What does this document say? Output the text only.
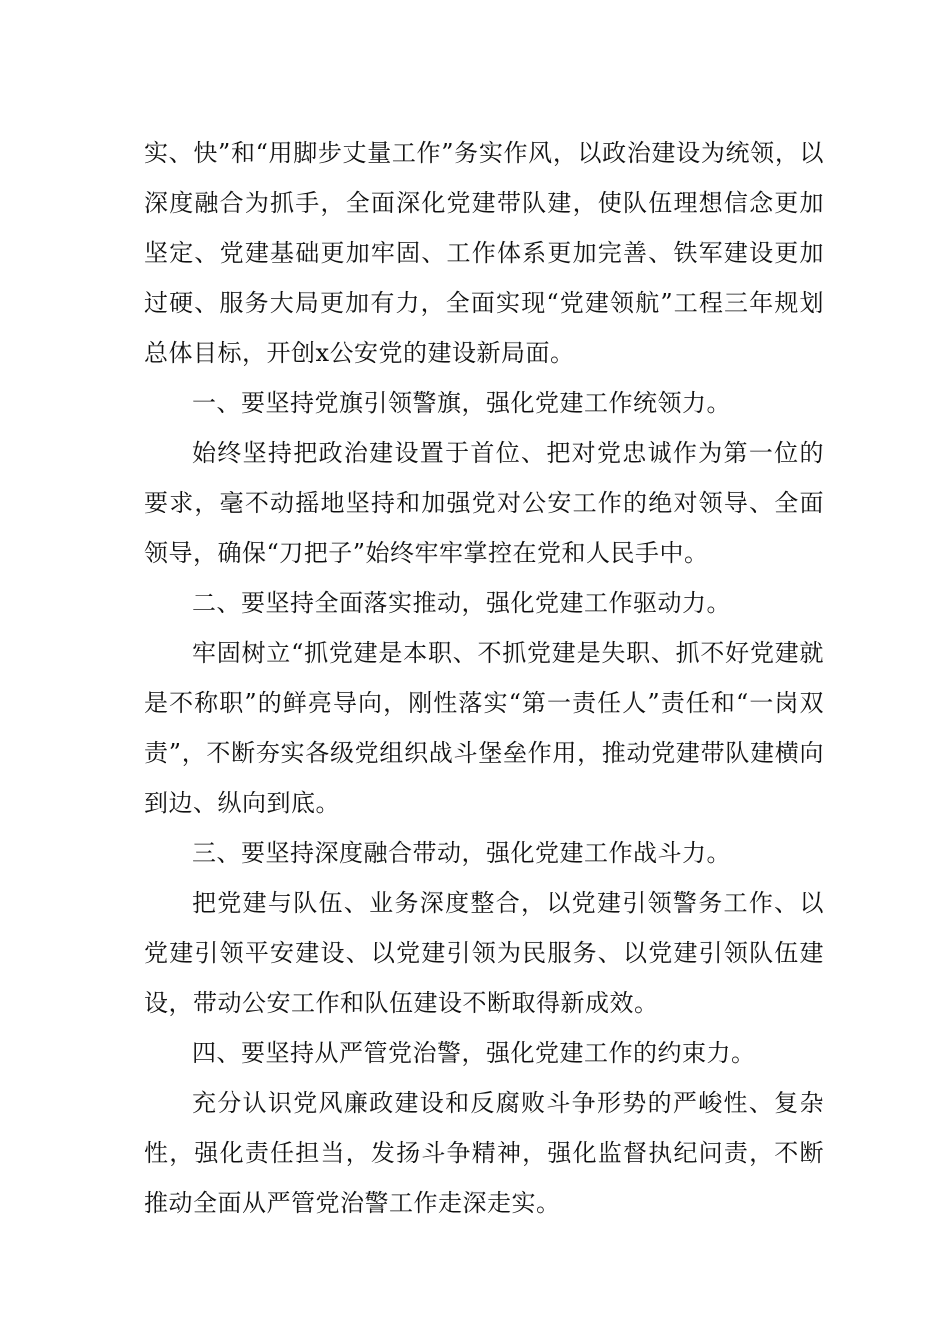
实、快”和“用脚步丈量工作”务实作风，以政治建设为统领，以深度融合为抓手，全面深化党建带队建，使队伍理想信念更加坚定、党建基础更加牢固、工作体系更加完善、铁军建设更加过硬、服务大局更加有力，全面实现“党建领航”工程三年规划总体目标，开创x公安党的建设新局面。

一、要坚持党旗引领警旗，强化党建工作统领力。

始终坚持把政治建设置于首位、把对党忠诚作为第一位的要求，毫不动摇地坚持和加强党对公安工作的绝对领导、全面领导，确保“刀把子”始终牢牢掌控在党和人民手中。

二、要坚持全面落实推动，强化党建工作驱动力。

牢固树立“抓党建是本职、不抓党建是失职、抓不好党建就是不称职”的鲜亮导向，刚性落实“第一责任人”责任和“一岗双责”，不断夯实各级党组织战斗堡垒作用，推动党建带队建横向到边、纵向到底。

三、要坚持深度融合带动，强化党建工作战斗力。

把党建与队伍、业务深度整合，以党建引领警务工作、以党建引领平安建设、以党建引领为民服务、以党建引领队伍建设，带动公安工作和队伍建设不断取得新成效。

四、要坚持从严管党治警，强化党建工作的约束力。

充分认识党风廉政建设和反腐败斗争形势的严峻性、复杂性，强化责任担当，发扬斗争精神，强化监督执纪问责，不断推动全面从严管党治警工作走深走实。
